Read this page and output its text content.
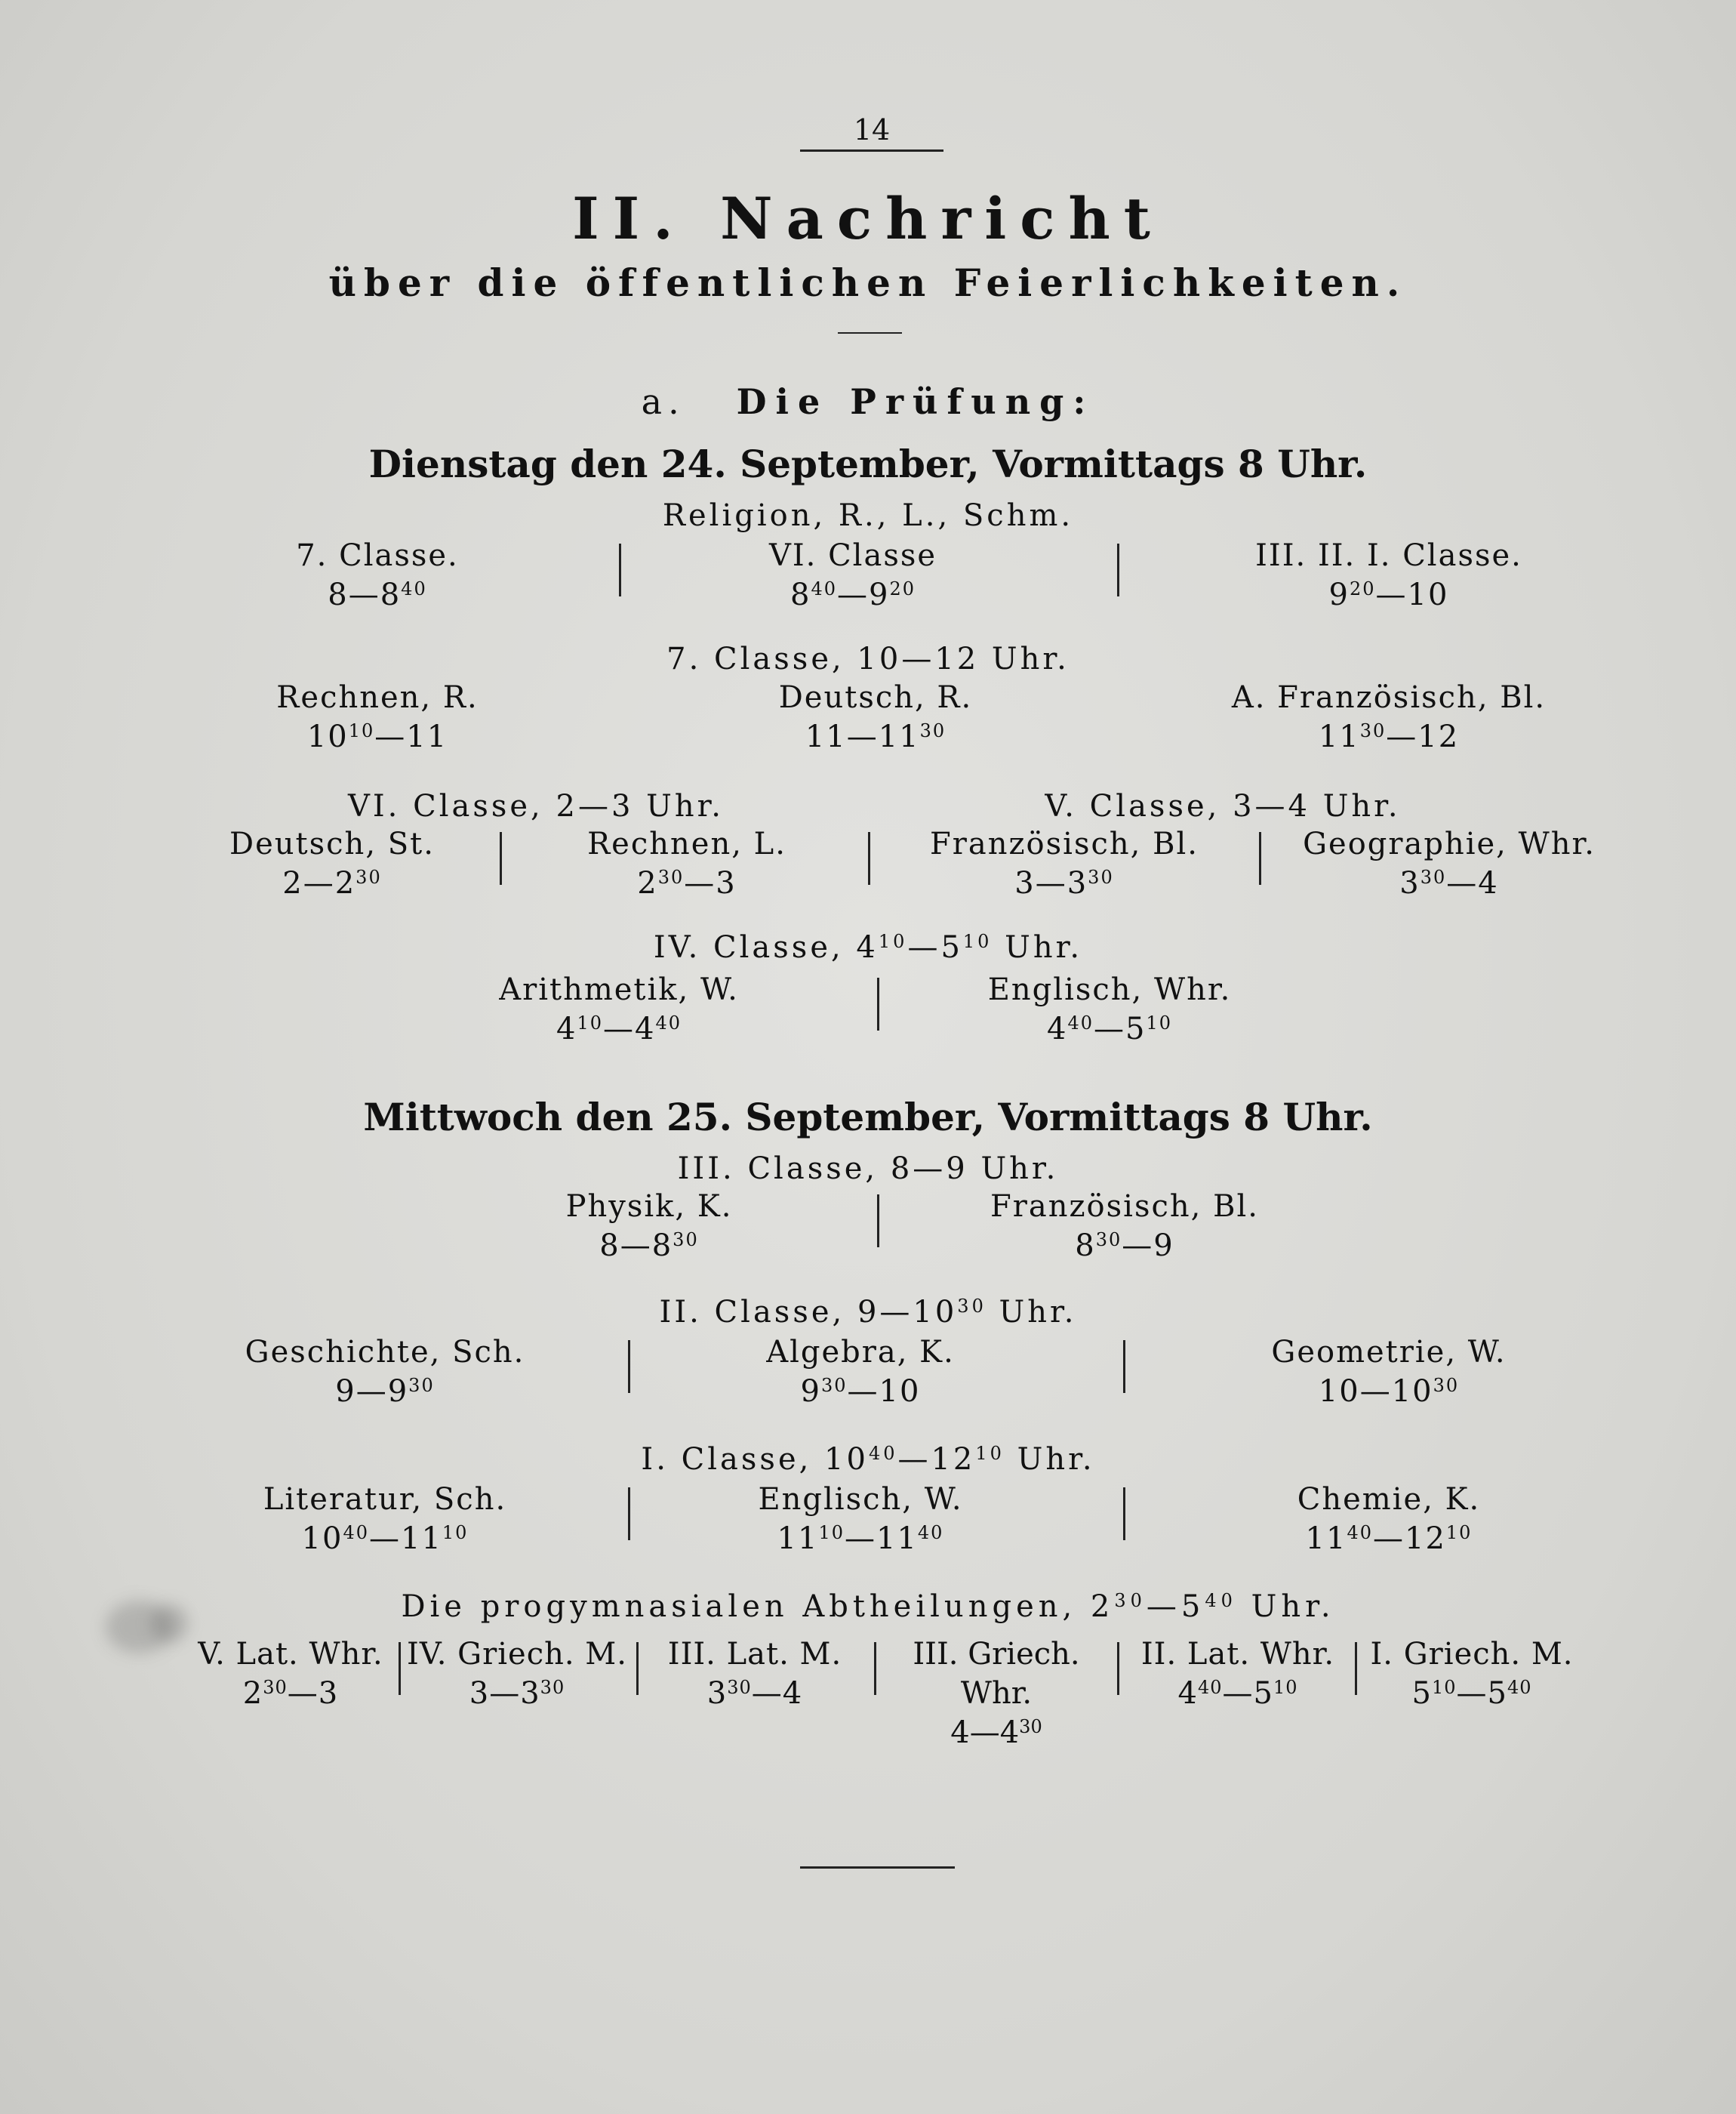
14
II. Nachricht
über die öffentlichen Feierlichkeiten.
a. Die Prüfung:
Dienstag den 24. September, Vormittags 8 Uhr.
Religion, R., L., Schm.
7. Classe.
$8—8^{40}$
VI. Classe
$8^{40}—9^{20}$
III. II. I. Classe.
$9^{20}—10$
7. Classe, 10—12 Uhr.
Rechnen, R.
$10^{10}—11$
Deutsch, R.
$11—11^{30}$
A. Französisch, Bl.
$11^{30}—12$
VI. Classe, 2—3 Uhr.	V. Classe, 3—4 Uhr.
Deutsch, St.
$2—2^{30}$
Rechnen, L.
$2^{30}—3$
Französisch, Bl.
$3—3^{30}$
Geographie, Whr.
$3^{30}—4$
IV. Classe, $4^{10}—5^{10}$ Uhr.
Arithmetik, W.
$4^{10}—4^{40}$
Englisch, Whr.
$4^{40}—5^{10}$
Mittwoch den 25. September, Vormittags 8 Uhr.
III. Classe, 8—9 Uhr.
Physik, K.
$8—8^{30}$
Französisch, Bl.
$8^{30}—9$
II. Classe, $9—10^{30}$ Uhr.
Geschichte, Sch.
$9—9^{30}$
Algebra, K.
$9^{30}—10$
Geometrie, W.
$10—10^{30}$
I. Classe, $10^{40}—12^{10}$ Uhr.
Literatur, Sch.
$10^{40}—11^{10}$
Englisch, W.
$11^{10}—11^{40}$
Chemie, K.
$11^{40}—12^{10}$
Die progymnasialen Abtheilungen, $2^{30}—5^{40}$ Uhr.
V. Lat. Whr.
$2^{30}—3$
IV. Griech. M.
$3—3^{30}$
III. Lat. M.
$3^{30}—4$
III. Griech. Whr.
$4—4^{30}$
II. Lat. Whr.
$4^{40}—5^{10}$
I. Griech. M.
$5^{10}—5^{40}$
